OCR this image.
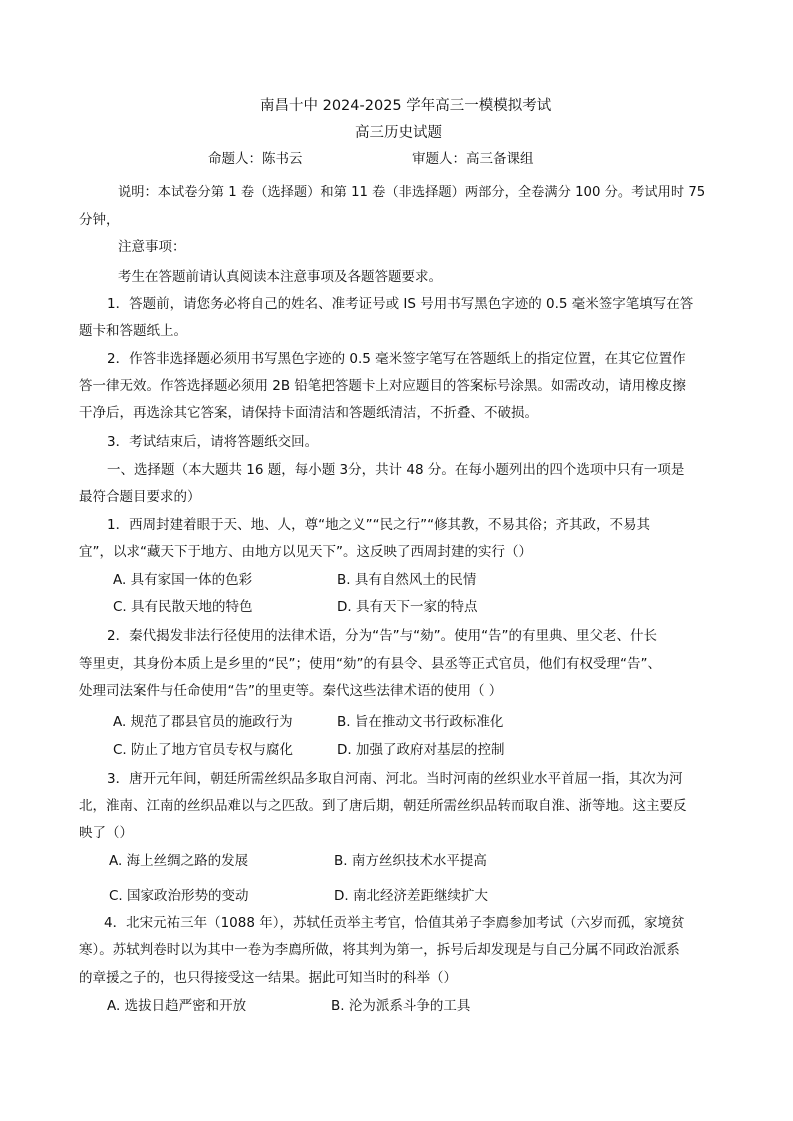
南昌十中 2024-2025 学年高三一模模拟考试
高三历史试题
命题人：陈书云	审题人：高三备课组
说明：本试卷分第 1 卷（选择题）和第 11 卷（非选择题）两部分，全卷满分 100 分。考试用时 75
分钟，
注意事项：
考生在答题前请认真阅读本注意事项及各题答题要求。
1．答题前，请您务必将自己的姓名、准考证号或 IS 号用书写黑色字迹的 0.5 毫米签字笔填写在答
题卡和答题纸上。
2．作答非选择题必须用书写黑色字迹的 0.5 毫米签字笔写在答题纸上的指定位置，在其它位置作
答一律无效。作答选择题必须用 2B 铅笔把答题卡上对应题目的答案标号涂黑。如需改动，请用橡皮擦
干净后，再选涂其它答案，请保持卡面清洁和答题纸清洁，不折叠、不破损。
3．考试结束后，请将答题纸交回。
一、选择题（本大题共 16 题，每小题 3分，共计 48 分。在每小题列出的四个选项中只有一项是
最符合题目要求的）
1．西周封建着眼于天、地、人，尊“地之义”“民之行”“修其教，不易其俗；齐其政，不易其
宜”，以求“藏天下于地方、由地方以见天下”。这反映了西周封建的实行（）
A. 具有家国一体的色彩	B. 具有自然风土的民情
C. 具有民散天地的特色	D. 具有天下一家的特点
2．秦代揭发非法行径使用的法律术语，分为“告”与“劾”。使用“告”的有里典、里父老、什长
等里吏，其身份本质上是乡里的“民”；使用“劾”的有县令、县丞等正式官员，他们有权受理“告”、
处理司法案件与任命使用“告”的里吏等。秦代这些法律术语的使用（ ）
A. 规范了郡县官员的施政行为	B. 旨在推动文书行政标准化
C. 防止了地方官员专权与腐化	D. 加强了政府对基层的控制
3．唐开元年间，朝廷所需丝织品多取自河南、河北。当时河南的丝织业水平首屈一指，其次为河
北，淮南、江南的丝织品难以与之匹敌。到了唐后期，朝廷所需丝织品转而取自淮、浙等地。这主要反
映了（）
A. 海上丝绸之路的发展	B. 南方丝织技术水平提高
C. 国家政治形势的变动	D. 南北经济差距继续扩大
4．北宋元祐三年（1088 年），苏轼任贡举主考官，恰值其弟子李廌参加考试（六岁而孤，家境贫
寒）。苏轼判卷时以为其中一卷为李廌所做，将其判为第一，拆号后却发现是与自己分属不同政治派系
的章援之子的，也只得接受这一结果。据此可知当时的科举（）
A. 选拔日趋严密和开放	B. 沦为派系斗争的工具
